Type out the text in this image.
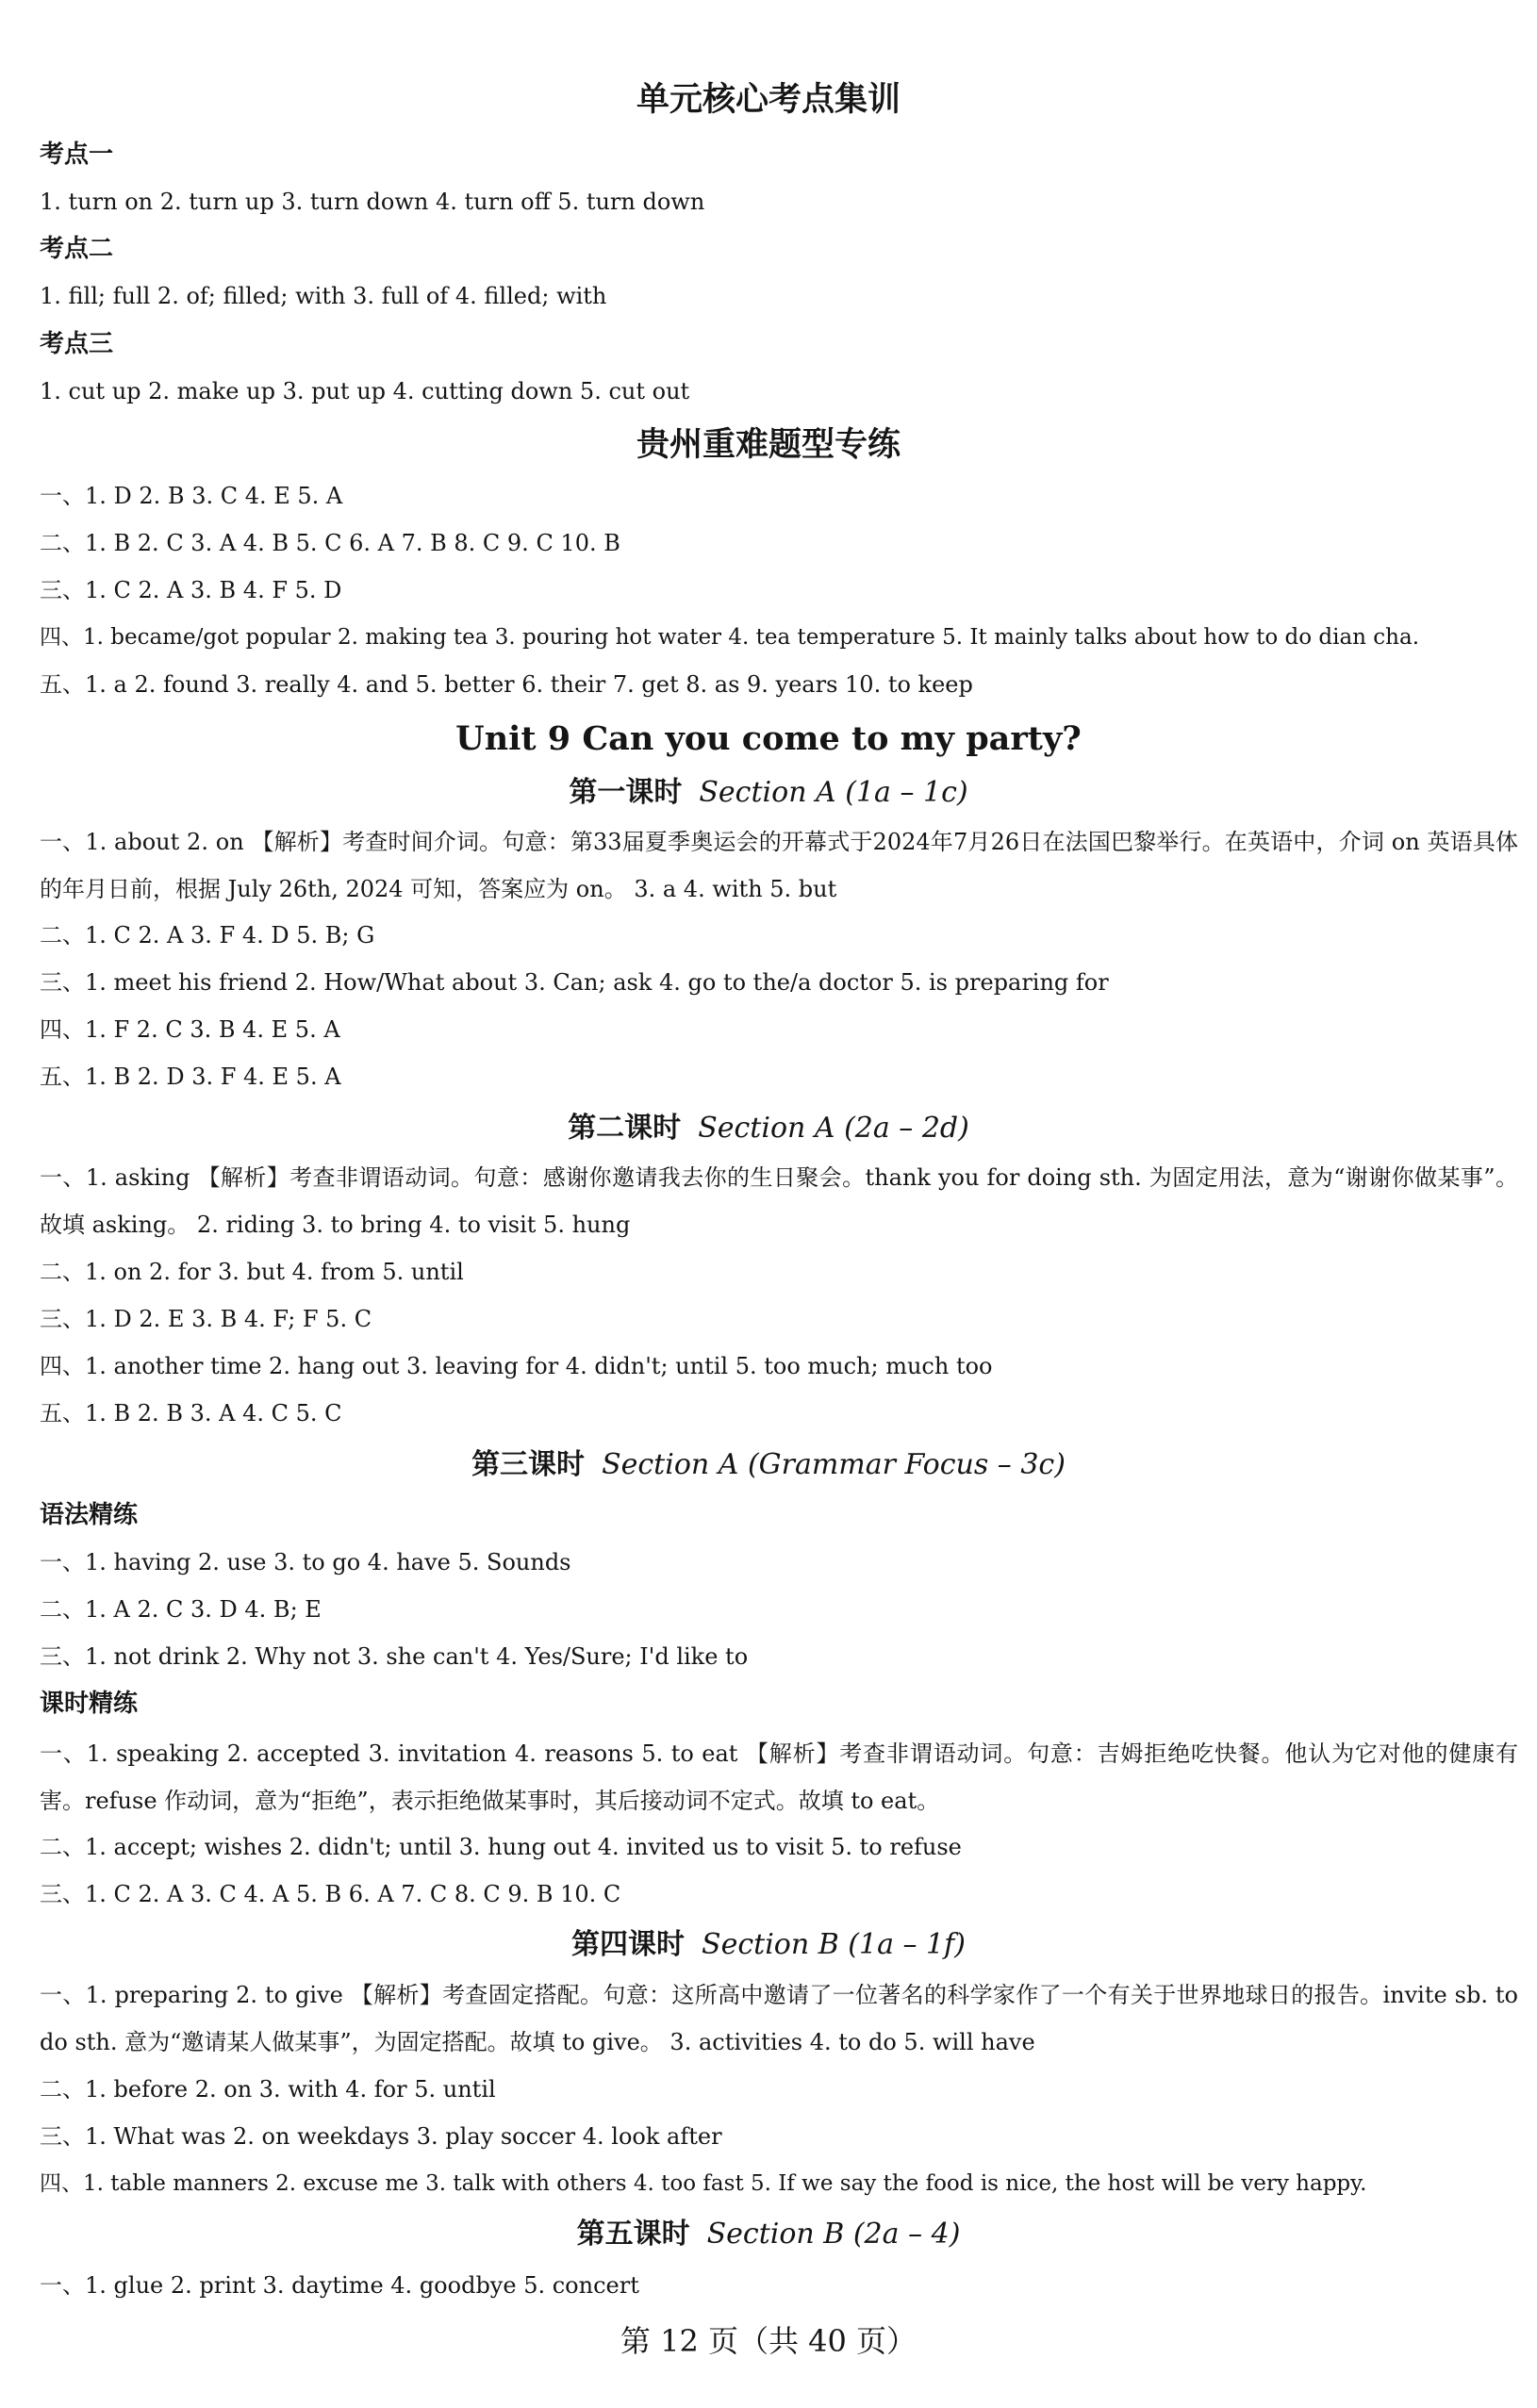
单元核心考点集训
考点一
1. turn on 2. turn up 3. turn down 4. turn off 5. turn down
考点二
1. fill; full 2. of; filled; with 3. full of 4. filled; with
考点三
1. cut up 2. make up 3. put up 4. cutting down 5. cut out
贵州重难题型专练
一、1. D 2. B 3. C 4. E 5. A
二、1. B 2. C 3. A 4. B 5. C 6. A 7. B 8. C 9. C 10. B
三、1. C 2. A 3. B 4. F 5. D
四、1. became/got popular 2. making tea 3. pouring hot water 4. tea temperature 5. It mainly talks about how to do dian cha.
五、1. a 2. found 3. really 4. and 5. better 6. their 7. get 8. as 9. years 10. to keep
Unit 9 Can you come to my party?
第一课时 Section A (1a – 1c)
一、1. about 2. on 【解析】考查时间介词。句意：第33届夏季奥运会的开幕式于2024年7月26日在法国巴黎举行。在英语中，介词 on 英语具体的年月日前，根据 July 26th, 2024 可知，答案应为 on。 3. a 4. with 5. but
二、1. C 2. A 3. F 4. D 5. B; G
三、1. meet his friend 2. How/What about 3. Can; ask 4. go to the/a doctor 5. is preparing for
四、1. F 2. C 3. B 4. E 5. A
五、1. B 2. D 3. F 4. E 5. A
第二课时 Section A (2a – 2d)
一、1. asking 【解析】考查非谓语动词。句意：感谢你邀请我去你的生日聚会。thank you for doing sth. 为固定用法，意为“谢谢你做某事”。故填 asking。 2. riding 3. to bring 4. to visit 5. hung
二、1. on 2. for 3. but 4. from 5. until
三、1. D 2. E 3. B 4. F; F 5. C
四、1. another time 2. hang out 3. leaving for 4. didn't; until 5. too much; much too
五、1. B 2. B 3. A 4. C 5. C
第三课时 Section A (Grammar Focus – 3c)
语法精练
一、1. having 2. use 3. to go 4. have 5. Sounds
二、1. A 2. C 3. D 4. B; E
三、1. not drink 2. Why not 3. she can't 4. Yes/Sure; I'd like to
课时精练
一、1. speaking 2. accepted 3. invitation 4. reasons 5. to eat 【解析】考查非谓语动词。句意：吉姆拒绝吃快餐。他认为它对他的健康有害。refuse 作动词，意为“拒绝”，表示拒绝做某事时，其后接动词不定式。故填 to eat。
二、1. accept; wishes 2. didn't; until 3. hung out 4. invited us to visit 5. to refuse
三、1. C 2. A 3. C 4. A 5. B 6. A 7. C 8. C 9. B 10. C
第四课时 Section B (1a – 1f)
一、1. preparing 2. to give 【解析】考查固定搭配。句意：这所高中邀请了一位著名的科学家作了一个有关于世界地球日的报告。invite sb. to do sth. 意为“邀请某人做某事”，为固定搭配。故填 to give。 3. activities 4. to do 5. will have
二、1. before 2. on 3. with 4. for 5. until
三、1. What was 2. on weekdays 3. play soccer 4. look after
四、1. table manners 2. excuse me 3. talk with others 4. too fast 5. If we say the food is nice, the host will be very happy.
第五课时 Section B (2a – 4)
一、1. glue 2. print 3. daytime 4. goodbye 5. concert
第 12 页（共 40 页）
